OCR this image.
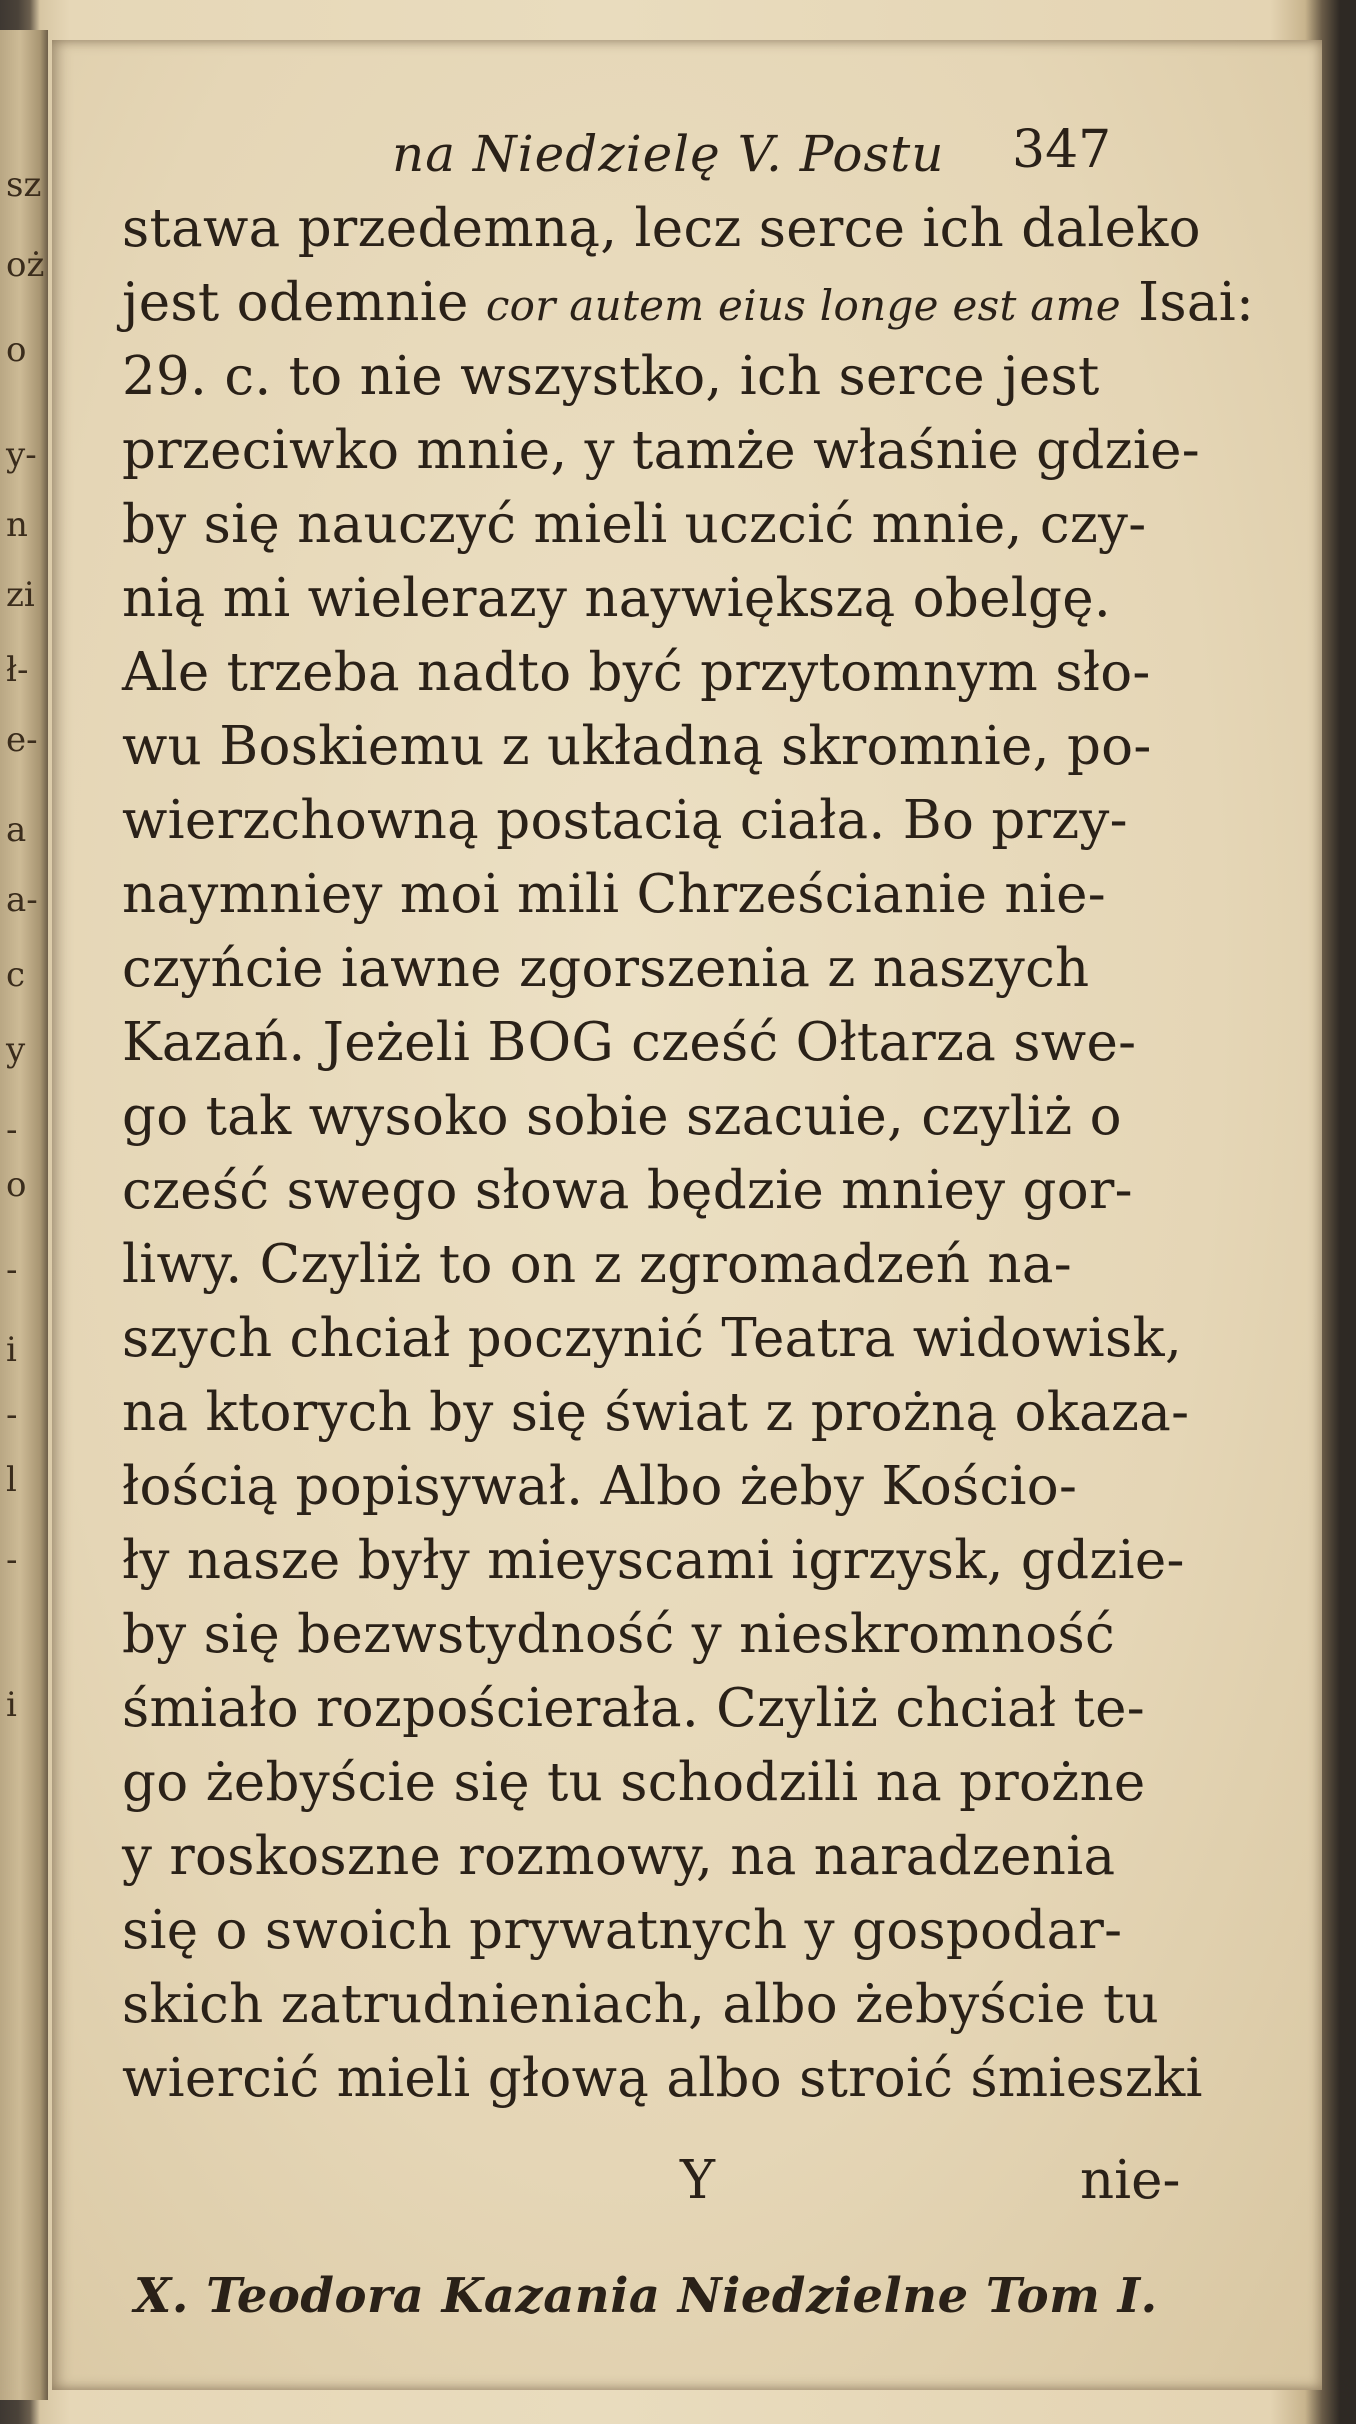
sz
oż
o
y-
n
zi
ł-
e-
a
a-
c
y
-
o
-
i
-
l
-
i
na Niedzielę V. Postu 347
stawa przedemną, lecz serce ich daleko
jest odemnie cor autem eius longe est ame Isai:
29. c. to nie wszystko, ich serce jest
przeciwko mnie, y tamże właśnie gdzie-
by się nauczyć mieli uczcić mnie, czy-
nią mi wielerazy naywiększą obelgę.
Ale trzeba nadto być przytomnym sło-
wu Boskiemu z układną skromnie, po-
wierzchowną postacią ciała. Bo przy-
naymniey moi mili Chrześcianie nie-
czyńcie iawne zgorszenia z naszych
Kazań. Jeżeli BOG cześć Ołtarza swe-
go tak wysoko sobie szacuie, czyliż o
cześć swego słowa będzie mniey gor-
liwy. Czyliż to on z zgromadzeń na-
szych chciał poczynić Teatra widowisk,
na ktorych by się świat z prożną okaza-
łością popisywał. Albo żeby Kościo-
ły nasze były mieyscami igrzysk, gdzie-
by się bezwstydność y nieskromność
śmiało rozpościerała. Czyliż chciał te-
go żebyście się tu schodzili na prożne
y roskoszne rozmowy, na naradzenia
się o swoich prywatnych y gospodar-
skich zatrudnieniach, albo żebyście tu
wiercić mieli głową albo stroić śmieszki
Y	nie-
X. Teodora Kazania Niedzielne Tom I.
